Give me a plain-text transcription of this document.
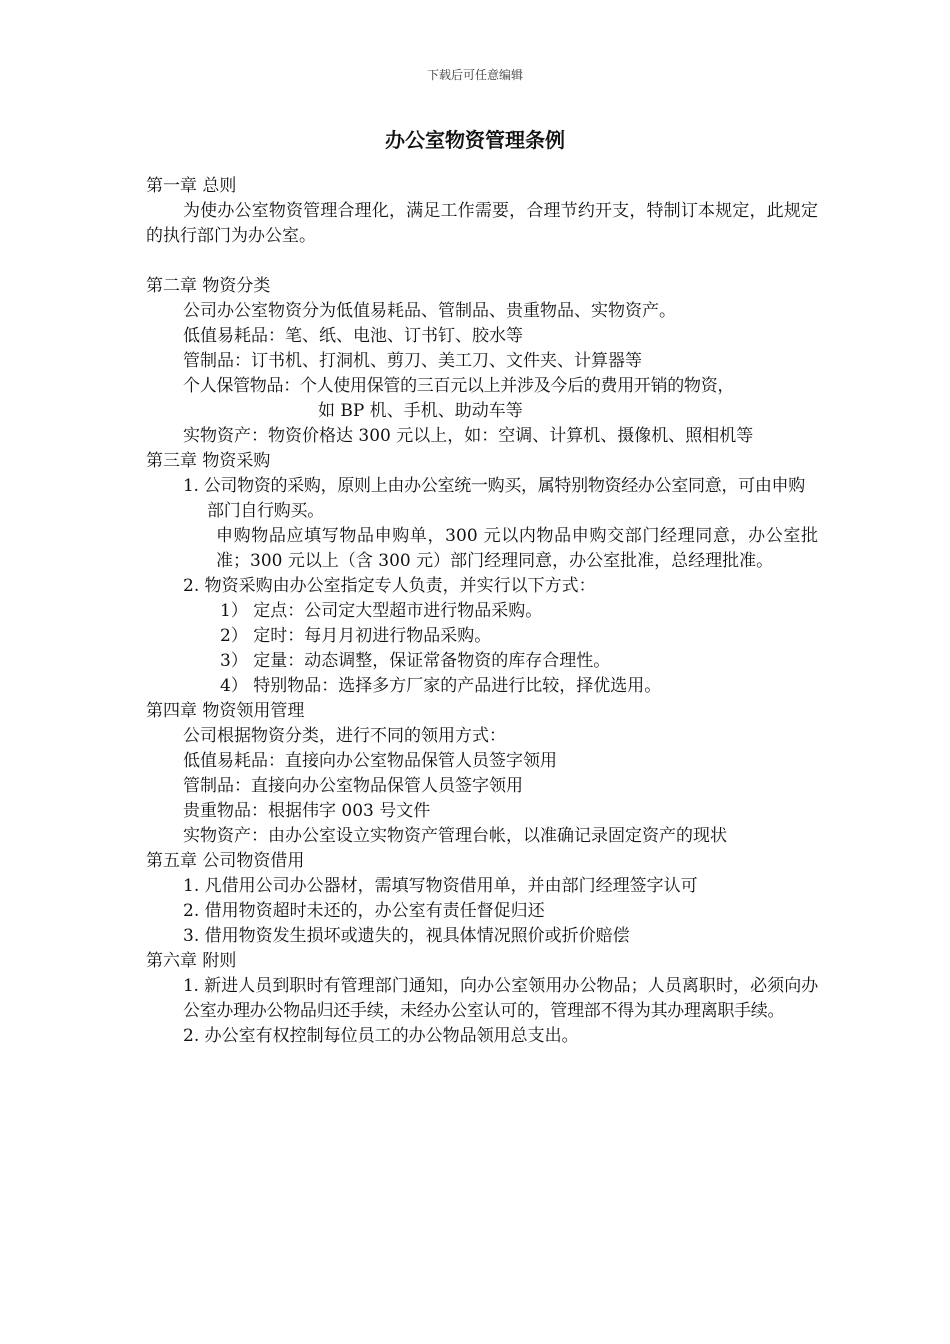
下载后可任意编辑
办公室物资管理条例

第一章 总则

为使办公室物资管理合理化，满足工作需要，合理节约开支，特制订本规定，此规定的执行部门为办公室。

第二章 物资分类

公司办公室物资分为低值易耗品、管制品、贵重物品、实物资产。

低值易耗品：笔、纸、电池、订书钉、胶水等

管制品：订书机、打洞机、剪刀、美工刀、文件夹、计算器等

个人保管物品：个人使用保管的三百元以上并涉及今后的费用开销的物资，

如 BP 机、手机、助动车等

实物资产：物资价格达 300 元以上，如：空调、计算机、摄像机、照相机等

第三章 物资采购

1. 公司物资的采购，原则上由办公室统一购买，属特别物资经办公室同意，可由申购部门自行购买。

申购物品应填写物品申购单，300 元以内物品申购交部门经理同意，办公室批准；300 元以上（含 300 元）部门经理同意，办公室批准，总经理批准。

2. 物资采购由办公室指定专人负责，并实行以下方式：

1） 定点：公司定大型超市进行物品采购。

2） 定时：每月月初进行物品采购。

3） 定量：动态调整，保证常备物资的库存合理性。

4） 特别物品：选择多方厂家的产品进行比较，择优选用。

第四章 物资领用管理

公司根据物资分类，进行不同的领用方式：

低值易耗品：直接向办公室物品保管人员签字领用

管制品：直接向办公室物品保管人员签字领用

贵重物品：根据伟字 003 号文件

实物资产：由办公室设立实物资产管理台帐，以准确记录固定资产的现状

第五章 公司物资借用

1. 凡借用公司办公器材，需填写物资借用单，并由部门经理签字认可

2. 借用物资超时未还的，办公室有责任督促归还

3. 借用物资发生损坏或遗失的，视具体情况照价或折价赔偿

第六章 附则

1. 新进人员到职时有管理部门通知，向办公室领用办公物品；人员离职时，必须向办公室办理办公物品归还手续，未经办公室认可的，管理部不得为其办理离职手续。

2. 办公室有权控制每位员工的办公物品领用总支出。
